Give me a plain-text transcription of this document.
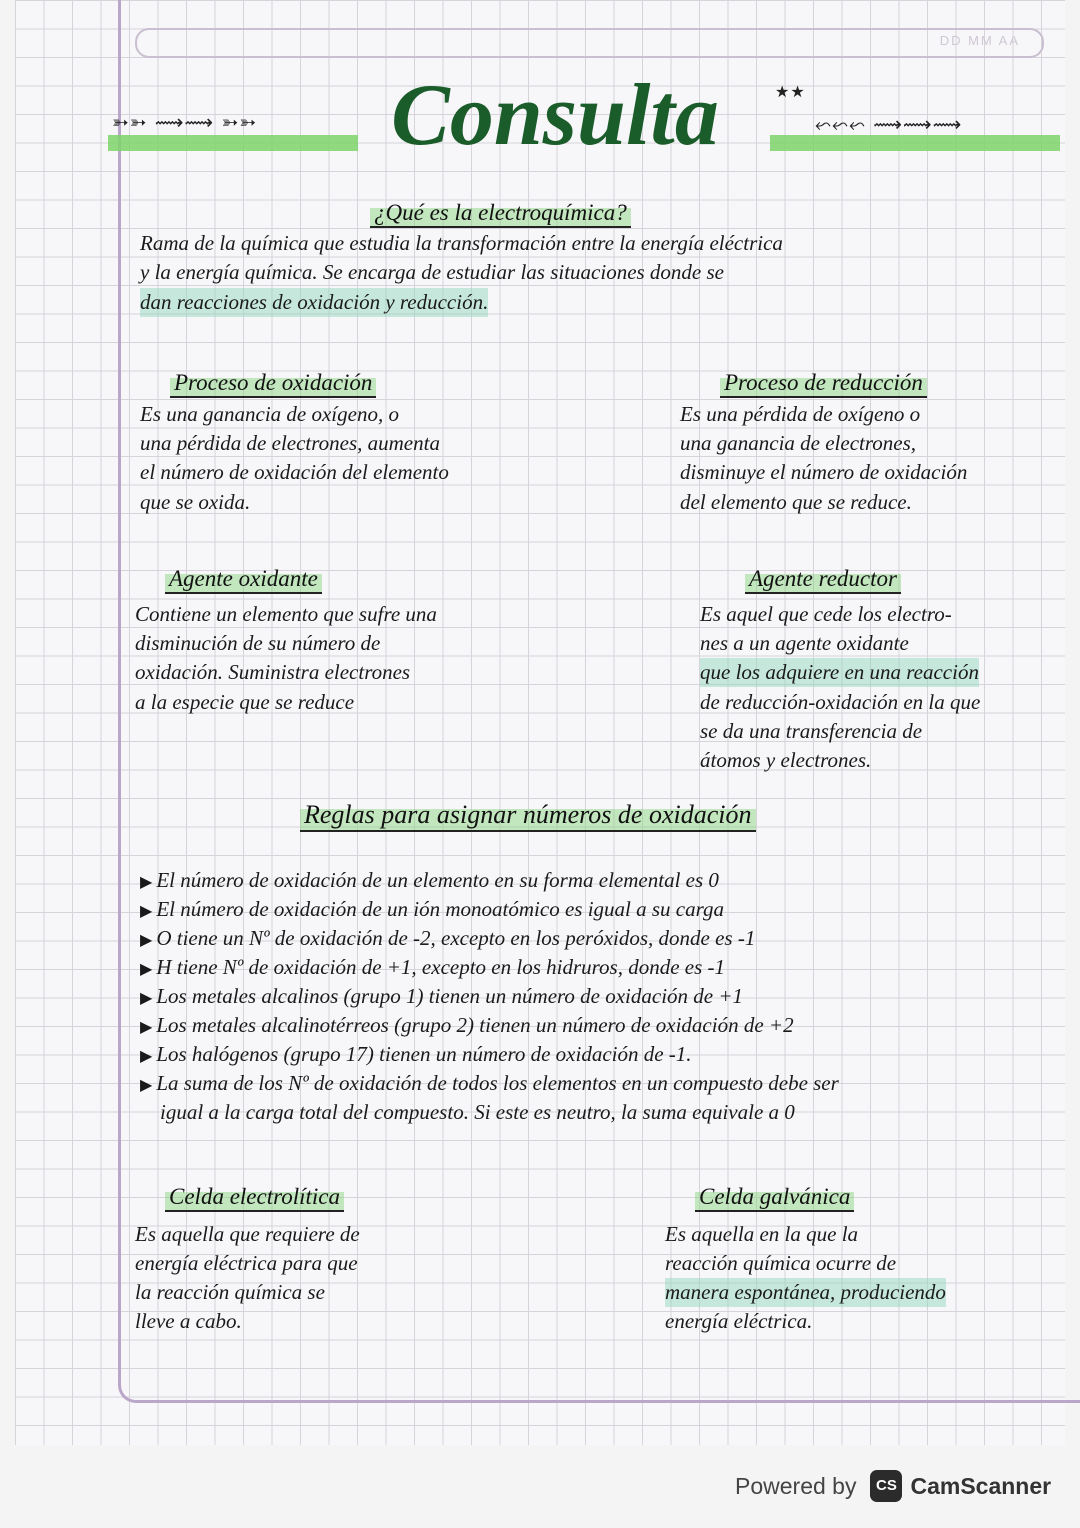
DD MM AA
➳➳ ⟿⟿ ➳➳	⬿⬿⬿ ⟿⟿⟿
Consulta	★★
¿Qué es la electroquímica?
Rama de la química que estudia la transformación entre la energía eléctrica
y la energía química. Se encarga de estudiar las situaciones donde se
dan reacciones de oxidación y reducción.
Proceso de oxidación
Es una ganancia de oxígeno, o
una pérdida de electrones, aumenta
el número de oxidación del elemento
que se oxida.
Proceso de reducción
Es una pérdida de oxígeno o
una ganancia de electrones,
disminuye el número de oxidación
del elemento que se reduce.
Agente oxidante
Contiene un elemento que sufre una
disminución de su número de
oxidación. Suministra electrones
a la especie que se reduce
Agente reductor
Es aquel que cede los electro-
nes a un agente oxidante
que los adquiere en una reacción
de reducción-oxidación en la que
se da una transferencia de
átomos y electrones.
Reglas para asignar números de oxidación
▶ El número de oxidación de un elemento en su forma elemental es 0
▶ El número de oxidación de un ión monoatómico es igual a su carga
▶ O tiene un Nº de oxidación de -2, excepto en los peróxidos, donde es -1
▶ H tiene Nº de oxidación de +1, excepto en los hidruros, donde es -1
▶ Los metales alcalinos (grupo 1) tienen un número de oxidación de +1
▶ Los metales alcalinotérreos (grupo 2) tienen un número de oxidación de +2
▶ Los halógenos (grupo 17) tienen un número de oxidación de -1.
▶ La suma de los Nº de oxidación de todos los elementos en un compuesto debe ser
igual a la carga total del compuesto. Si este es neutro, la suma equivale a 0
Celda electrolítica
Es aquella que requiere de
energía eléctrica para que
la reacción química se
lleve a cabo.
Celda galvánica
Es aquella en la que la
reacción química ocurre de
manera espontánea, produciendo
energía eléctrica.
Powered by	CS CamScanner
